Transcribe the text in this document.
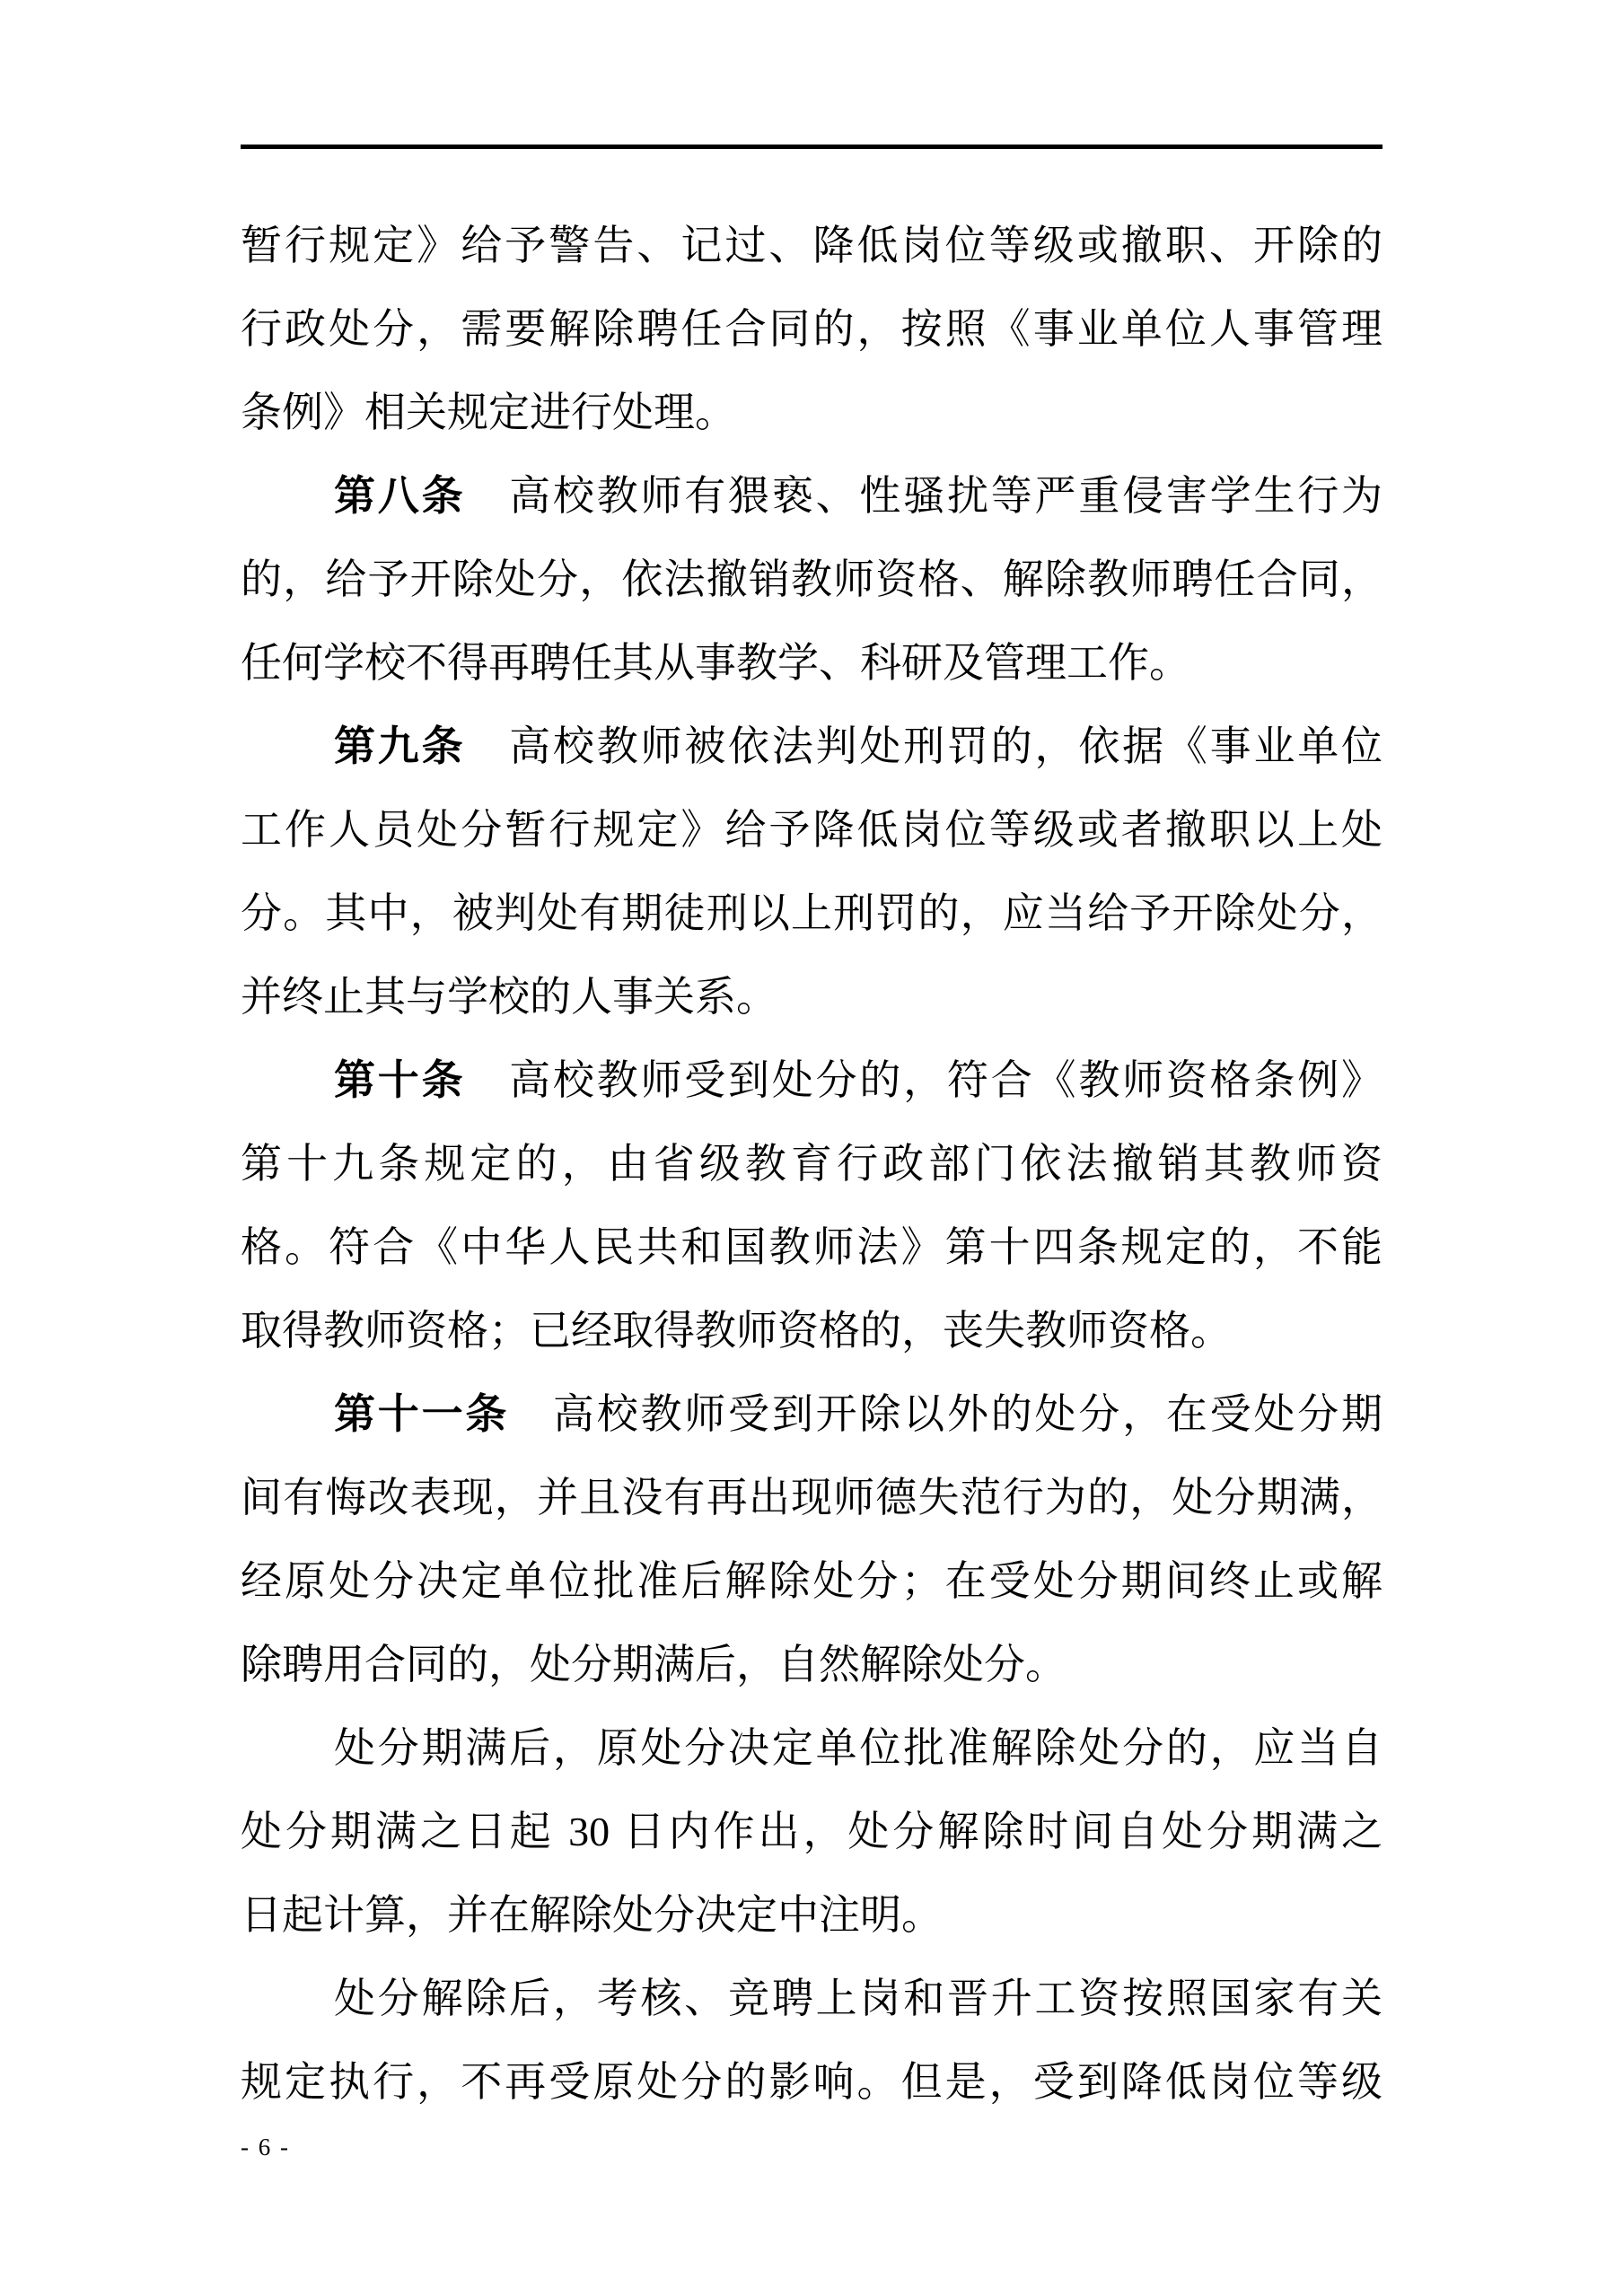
暂行规定》给予警告、记过、降低岗位等级或撤职、开除的
行政处分，需要解除聘任合同的，按照《事业单位人事管理
条例》相关规定进行处理。
第八条　高校教师有猥亵、性骚扰等严重侵害学生行为
的，给予开除处分，依法撤销教师资格、解除教师聘任合同，
任何学校不得再聘任其从事教学、科研及管理工作。
第九条　高校教师被依法判处刑罚的，依据《事业单位
工作人员处分暂行规定》给予降低岗位等级或者撤职以上处
分。其中，被判处有期徒刑以上刑罚的，应当给予开除处分，
并终止其与学校的人事关系。
第十条　高校教师受到处分的，符合《教师资格条例》
第十九条规定的，由省级教育行政部门依法撤销其教师资
格。符合《中华人民共和国教师法》第十四条规定的，不能
取得教师资格；已经取得教师资格的，丧失教师资格。
第十一条　高校教师受到开除以外的处分，在受处分期
间有悔改表现，并且没有再出现师德失范行为的，处分期满，
经原处分决定单位批准后解除处分；在受处分期间终止或解
除聘用合同的，处分期满后，自然解除处分。
处分期满后，原处分决定单位批准解除处分的，应当自
处分期满之日起 30 日内作出，处分解除时间自处分期满之
日起计算，并在解除处分决定中注明。
处分解除后，考核、竞聘上岗和晋升工资按照国家有关
规定执行，不再受原处分的影响。但是，受到降低岗位等级
- 6 -
